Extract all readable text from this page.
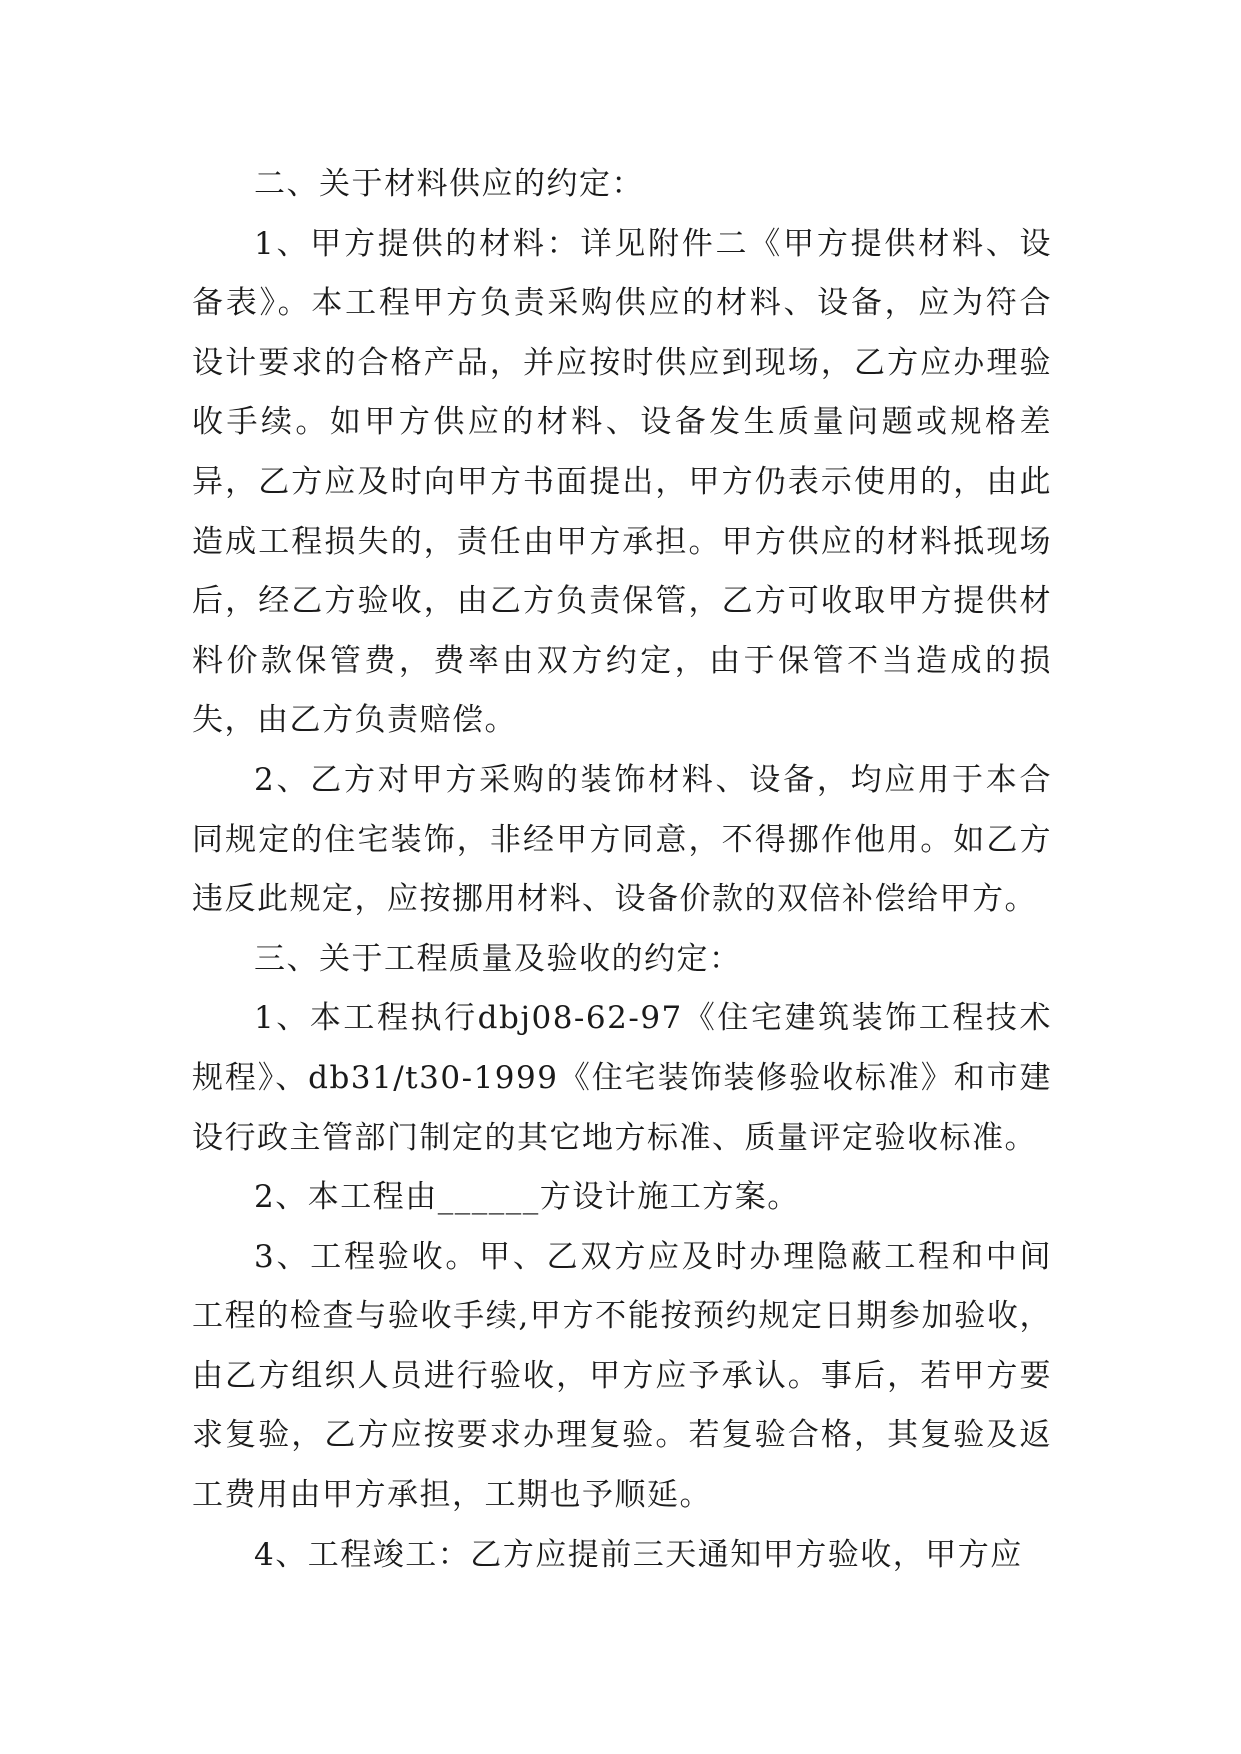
二、关于材料供应的约定：

1、甲方提供的材料：详见附件二《甲方提供材料、设备表》。本工程甲方负责采购供应的材料、设备，应为符合设计要求的合格产品，并应按时供应到现场，乙方应办理验收手续。如甲方供应的材料、设备发生质量问题或规格差异，乙方应及时向甲方书面提出，甲方仍表示使用的，由此造成工程损失的，责任由甲方承担。甲方供应的材料抵现场后，经乙方验收，由乙方负责保管，乙方可收取甲方提供材料价款保管费，费率由双方约定，由于保管不当造成的损失，由乙方负责赔偿。

2、乙方对甲方采购的装饰材料、设备，均应用于本合同规定的住宅装饰，非经甲方同意，不得挪作他用。如乙方违反此规定，应按挪用材料、设备价款的双倍补偿给甲方。

三、关于工程质量及验收的约定：

1、本工程执行dbj08-62-97《住宅建筑装饰工程技术规程》、db31/t30-1999《住宅装饰装修验收标准》和市建设行政主管部门制定的其它地方标准、质量评定验收标准。

2、本工程由______方设计施工方案。

3、工程验收。甲、乙双方应及时办理隐蔽工程和中间工程的检查与验收手续,甲方不能按预约规定日期参加验收，由乙方组织人员进行验收，甲方应予承认。事后，若甲方要求复验，乙方应按要求办理复验。若复验合格，其复验及返工费用由甲方承担，工期也予顺延。

4、工程竣工：乙方应提前三天通知甲方验收，甲方应
